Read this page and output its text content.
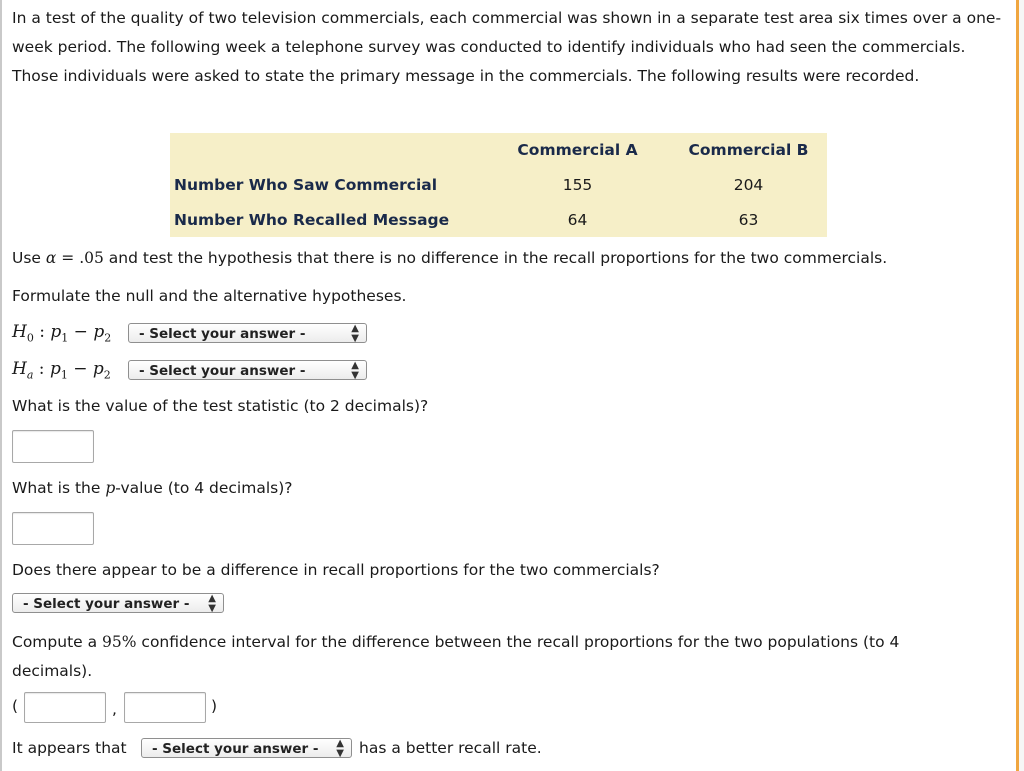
In a test of the quality of two television commercials, each commercial was shown in a separate test area six times over a one-week period. The following week a telephone survey was conducted to identify individuals who had seen the commercials. Those individuals were asked to state the primary message in the commercials. The following results were recorded.

	Commercial A	Commercial B
Number Who Saw Commercial	155	204
Number Who Recalled Message	64	63
Use α = .05 and test the hypothesis that there is no difference in the recall proportions for the two commercials.
Formulate the null and the alternative hypotheses.
$H_0$ : $p_1 - p_2$	- Select your answer -	▲
▼
$H_a$ : $p_1 - p_2$	- Select your answer -	▲
▼
What is the value of the test statistic (to 2 decimals)?
What is the p-value (to 4 decimals)?
Does there appear to be a difference in recall proportions for the two commercials?
- Select your answer - ▲
▼
Compute a 95% confidence interval for the difference between the recall proportions for the two populations (to 4
decimals).
(	,	)
It appears that	- Select your answer - ▲
▼ has a better recall rate.
